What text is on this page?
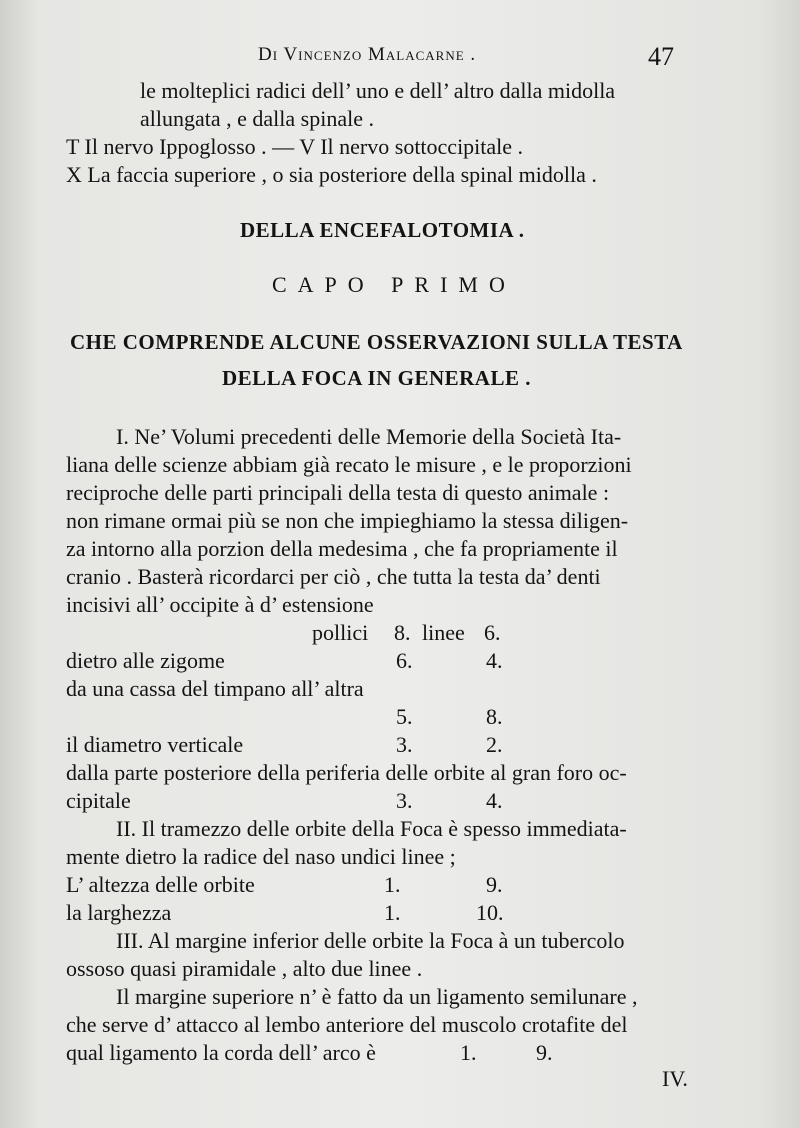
Di Vincenzo Malacarne .	47
le molteplici radici dell’ uno e dell’ altro dalla midolla
allungata , e dalla spinale .
T Il nervo Ippoglosso . — V Il nervo sottoccipitale .
X La faccia superiore , o sia posteriore della spinal midolla .
DELLA ENCEFALOTOMIA .
CAPO PRIMO
CHE COMPRENDE ALCUNE OSSERVAZIONI SULLA TESTA
DELLA FOCA IN GENERALE .
I. Ne’ Volumi precedenti delle Memorie della Società Ita-
liana delle scienze abbiam già recato le misure , e le proporzioni
reciproche delle parti principali della testa di questo animale :
non rimane ormai più se non che impieghiamo la stessa diligen-
za intorno alla porzion della medesima , che fa propriamente il
cranio . Basterà ricordarci per ciò , che tutta la testa da’ denti
incisivi all’ occipite à d’ estensione
pollici 8. linee 6.
dietro alle zigome	6.	4.
da una cassa del timpano all’ altra
5.	8.
il diametro verticale	3.	2.
dalla parte posteriore della periferia delle orbite al gran foro oc-
cipitale	3.	4.
II. Il tramezzo delle orbite della Foca è spesso immediata-
mente dietro la radice del naso undici linee ;
L’ altezza delle orbite	1.	9.
la larghezza	1.	10.
III. Al margine inferior delle orbite la Foca à un tubercolo
ossoso quasi piramidale , alto due linee .
Il margine superiore n’ è fatto da un ligamento semilunare ,
che serve d’ attacco al lembo anteriore del muscolo crotafite del
qual ligamento la corda dell’ arco è	1.	9.
IV.
